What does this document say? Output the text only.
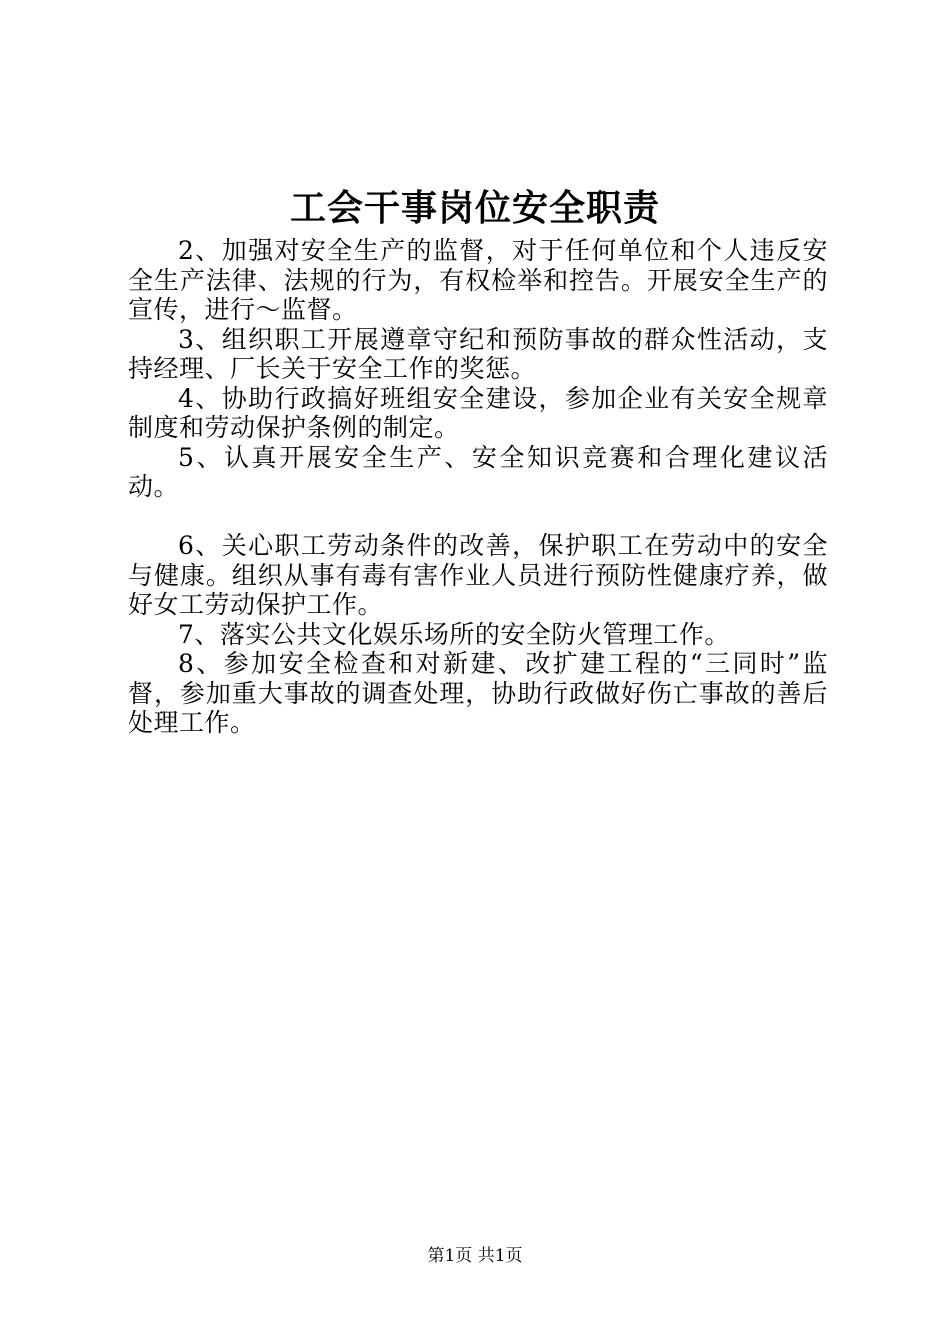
工会干事岗位安全职责

2、加强对安全生产的监督，对于任何单位和个人违反安全生产法律、法规的行为，有权检举和控告。开展安全生产的宣传，进行～监督。

3、组织职工开展遵章守纪和预防事故的群众性活动，支持经理、厂长关于安全工作的奖惩。

4、协助行政搞好班组安全建设，参加企业有关安全规章制度和劳动保护条例的制定。

5、认真开展安全生产、安全知识竞赛和合理化建议活动。

6、关心职工劳动条件的改善，保护职工在劳动中的安全与健康。组织从事有毒有害作业人员进行预防性健康疗养，做好女工劳动保护工作。

7、落实公共文化娱乐场所的安全防火管理工作。

8、参加安全检查和对新建、改扩建工程的“三同时”监督，参加重大事故的调查处理，协助行政做好伤亡事故的善后处理工作。

第1页 共1页
